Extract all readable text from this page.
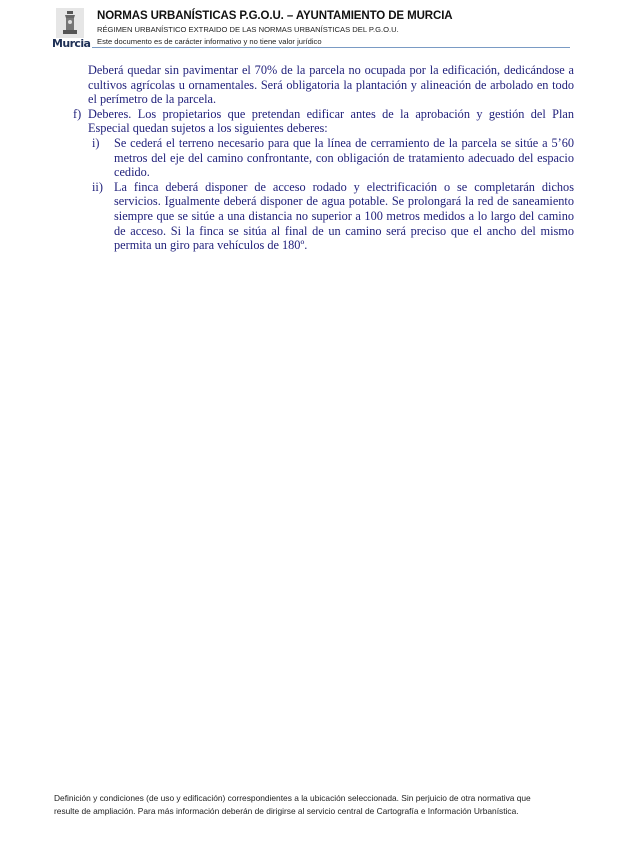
Murcia
NORMAS URBANÍSTICAS P.G.O.U. – AYUNTAMIENTO DE MURCIA
RÉGIMEN URBANÍSTICO EXTRAIDO DE LAS NORMAS URBANÍSTICAS DEL P.G.O.U.
Este documento es de carácter informativo y no tiene valor jurídico

Deberá quedar sin pavimentar el 70% de la parcela no ocupada por la edificación, dedicándose a cultivos agrícolas u ornamentales. Será obligatoria la plantación y alineación de arbolado en todo el perímetro de la parcela.

f) Deberes. Los propietarios que pretendan edificar antes de la aprobación y gestión del Plan Especial quedan sujetos a los siguientes deberes:

i) Se cederá el terreno necesario para que la línea de cerramiento de la parcela se sitúe a 5’60 metros del eje del camino confrontante, con obligación de tratamiento adecuado del espacio cedido.

ii) La finca deberá disponer de acceso rodado y electrificación o se completarán dichos servicios. Igualmente deberá disponer de agua potable. Se prolongará la red de saneamiento siempre que se sitúe a una distancia no superior a 100 metros medidos a lo largo del camino de acceso. Si la finca se sitúa al final de un camino será preciso que el ancho del mismo permita un giro para vehículos de 180º.

Definición y condiciones (de uso y edificación) correspondientes a la ubicación seleccionada. Sin perjuicio de otra normativa que

resulte de ampliación. Para más información deberán de dirigirse al servicio central de Cartografía e Información Urbanística.
